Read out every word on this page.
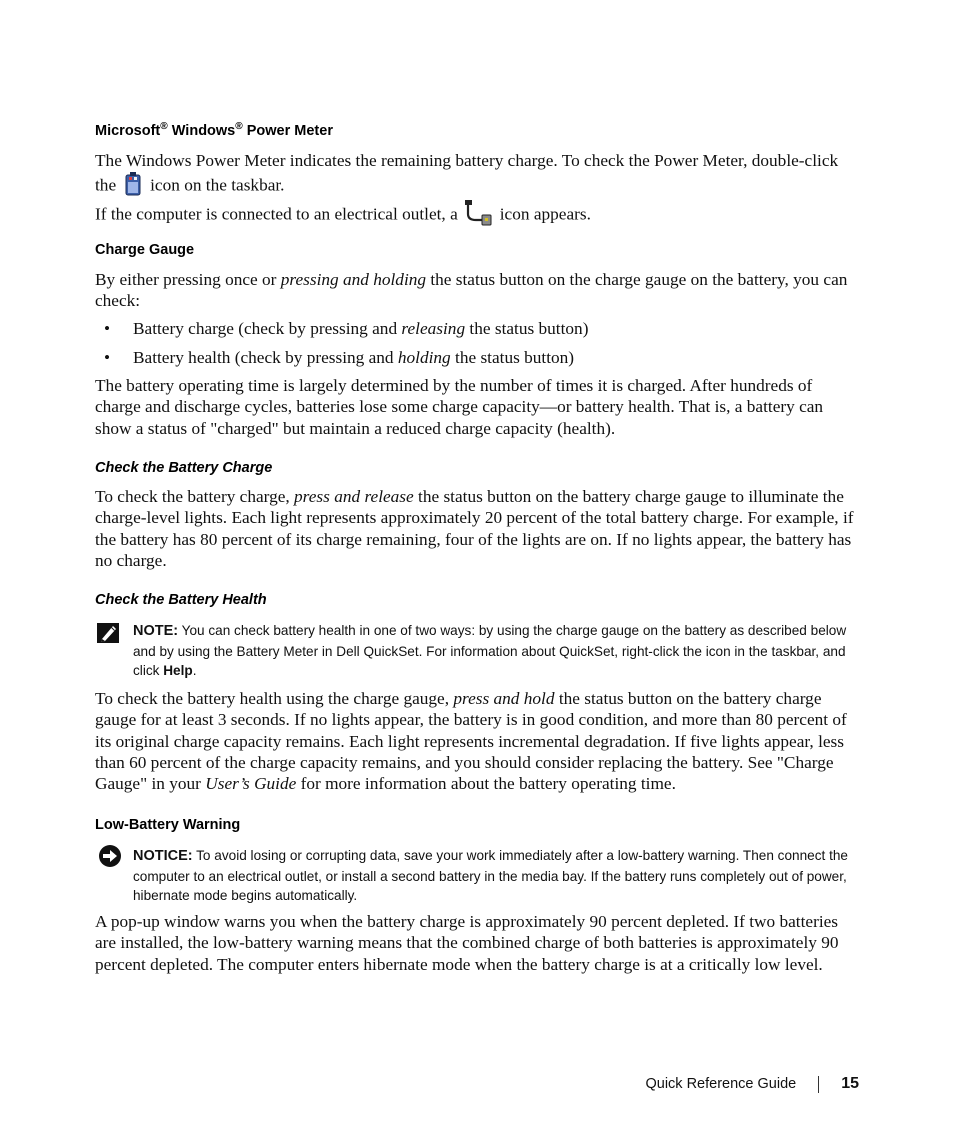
Microsoft® Windows® Power Meter

The Windows Power Meter indicates the remaining battery charge. To check the Power Meter, double-click the icon on the taskbar.

If the computer is connected to an electrical outlet, a icon appears.

Charge Gauge

By either pressing once or pressing and holding the status button on the charge gauge on the battery, you can check:

• Battery charge (check by pressing and releasing the status button)
• Battery health (check by pressing and holding the status button)

The battery operating time is largely determined by the number of times it is charged. After hundreds of charge and discharge cycles, batteries lose some charge capacity—or battery health. That is, a battery can show a status of "charged" but maintain a reduced charge capacity (health).

Check the Battery Charge

To check the battery charge, press and release the status button on the battery charge gauge to illuminate the charge-level lights. Each light represents approximately 20 percent of the total battery charge. For example, if the battery has 80 percent of its charge remaining, four of the lights are on. If no lights appear, the battery has no charge.

Check the Battery Health
NOTE: You can check battery health in one of two ways: by using the charge gauge on the battery as described below and by using the Battery Meter in Dell QuickSet. For information about QuickSet, right-click the icon in the taskbar, and click Help.

To check the battery health using the charge gauge, press and hold the status button on the battery charge gauge for at least 3 seconds. If no lights appear, the battery is in good condition, and more than 80 percent of its original charge capacity remains. Each light represents incremental degradation. If five lights appear, less than 60 percent of the charge capacity remains, and you should consider replacing the battery. See "Charge Gauge" in your User’s Guide for more information about the battery operating time.

Low-Battery Warning
NOTICE: To avoid losing or corrupting data, save your work immediately after a low-battery warning. Then connect the computer to an electrical outlet, or install a second battery in the media bay. If the battery runs completely out of power, hibernate mode begins automatically.

A pop-up window warns you when the battery charge is approximately 90 percent depleted. If two batteries are installed, the low-battery warning means that the combined charge of both batteries is approximately 90 percent depleted. The computer enters hibernate mode when the battery charge is at a critically low level.

Quick Reference Guide	15
